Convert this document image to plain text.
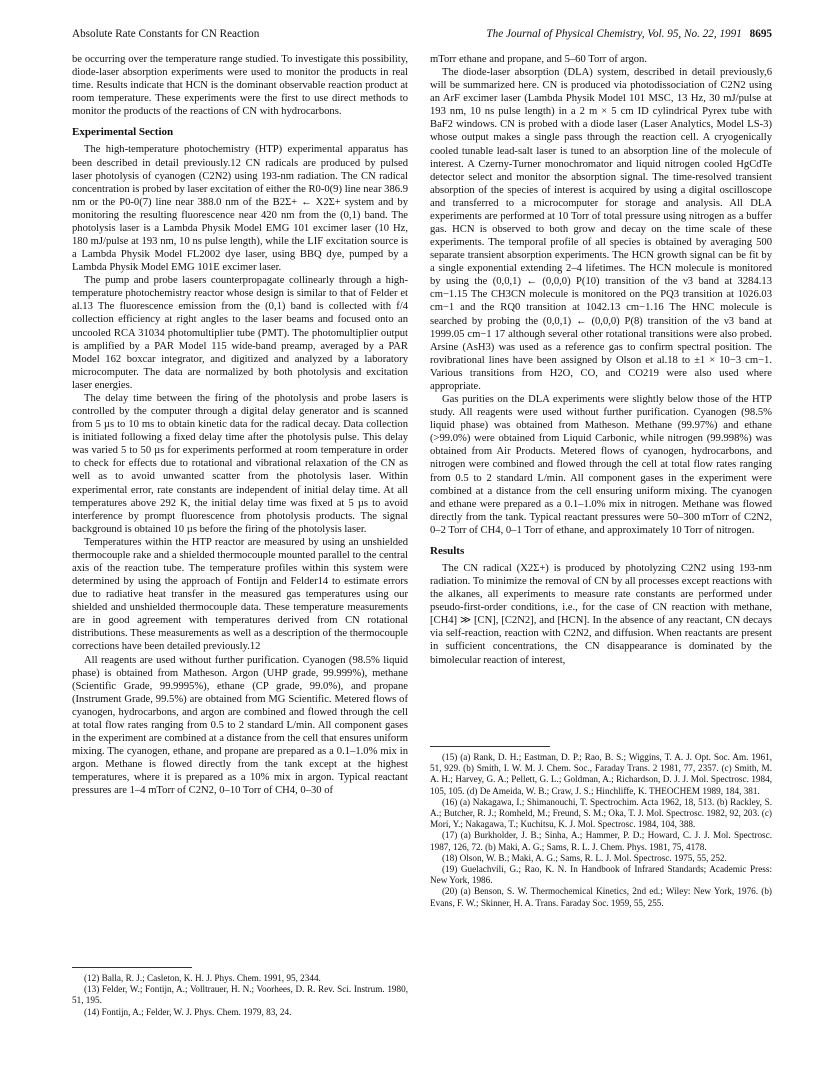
Absolute Rate Constants for CN Reaction	The Journal of Physical Chemistry, Vol. 95, No. 22, 1991 8695

be occurring over the temperature range studied. To investigate this possibility, diode-laser absorption experiments were used to monitor the products in real time. Results indicate that HCN is the dominant observable reaction product at room temperature. These experiments were the first to use direct methods to monitor the products of the reactions of CN with hydrocarbons.

Experimental Section

The high-temperature photochemistry (HTP) experimental apparatus has been described in detail previously.12 CN radicals are produced by pulsed laser photolysis of cyanogen (C2N2) using 193-nm radiation. The CN radical concentration is probed by laser excitation of either the R0-0(9) line near 386.9 nm or the P0-0(7) line near 388.0 nm of the B2Σ+ ← X2Σ+ system and by monitoring the resulting fluorescence near 420 nm from the (0,1) band. The photolysis laser is a Lambda Physik Model EMG 101 excimer laser (10 Hz, 180 mJ/pulse at 193 nm, 10 ns pulse length), while the LIF excitation source is a Lambda Physik Model FL2002 dye laser, using BBQ dye, pumped by a Lambda Physik Model EMG 101E excimer laser.

The pump and probe lasers counterpropagate collinearly through a high-temperature photochemistry reactor whose design is similar to that of Felder et al.13 The fluorescence emission from the (0,1) band is collected with f/4 collection efficiency at right angles to the laser beams and focused onto an uncooled RCA 31034 photomultiplier tube (PMT). The photomultiplier output is amplified by a PAR Model 115 wide-band preamp, averaged by a PAR Model 162 boxcar integrator, and digitized and analyzed by a laboratory microcomputer. The data are normalized by both photolysis and excitation laser energies.

The delay time between the firing of the photolysis and probe lasers is controlled by the computer through a digital delay generator and is scanned from 5 µs to 10 ms to obtain kinetic data for the radical decay. Data collection is initiated following a fixed delay time after the photolysis pulse. This delay was varied 5 to 50 µs for experiments performed at room temperature in order to check for effects due to rotational and vibrational relaxation of the CN as well as to avoid unwanted scatter from the photolysis laser. Within experimental error, rate constants are independent of initial delay time. At all temperatures above 292 K, the initial delay time was fixed at 5 µs to avoid interference by prompt fluorescence from photolysis products. The signal background is obtained 10 µs before the firing of the photolysis laser.

Temperatures within the HTP reactor are measured by using an unshielded thermocouple rake and a shielded thermocouple mounted parallel to the central axis of the reaction tube. The temperature profiles within this system were determined by using the approach of Fontijn and Felder14 to estimate errors due to radiative heat transfer in the measured gas temperatures using our shielded and unshielded thermocouple data. These temperature measurements are in good agreement with temperatures derived from CN rotational distributions. These measurements as well as a description of the thermocouple corrections have been detailed previously.12

All reagents are used without further purification. Cyanogen (98.5% liquid phase) is obtained from Matheson. Argon (UHP grade, 99.999%), methane (Scientific Grade, 99.9995%), ethane (CP grade, 99.0%), and propane (Instrument Grade, 99.5%) are obtained from MG Scientific. Metered flows of cyanogen, hydrocarbons, and argon are combined and flowed through the cell at total flow rates ranging from 0.5 to 2 standard L/min. All component gases in the experiment are combined at a distance from the cell that ensures uniform mixing. The cyanogen, ethane, and propane are prepared as a 0.1–1.0% mix in argon. Methane is flowed directly from the tank except at the highest temperatures, where it is prepared as a 10% mix in argon. Typical reactant pressures are 1–4 mTorr of C2N2, 0–10 Torr of CH4, 0–30 of

(12) Balla, R. J.; Casleton, K. H. J. Phys. Chem. 1991, 95, 2344.

(13) Felder, W.; Fontijn, A.; Volltrauer, H. N.; Voorhees, D. R. Rev. Sci. Instrum. 1980, 51, 195.

(14) Fontijn, A.; Felder, W. J. Phys. Chem. 1979, 83, 24.

mTorr ethane and propane, and 5–60 Torr of argon.

The diode-laser absorption (DLA) system, described in detail previously,6 will be summarized here. CN is produced via photodissociation of C2N2 using an ArF excimer laser (Lambda Physik Model 101 MSC, 13 Hz, 30 mJ/pulse at 193 nm, 10 ns pulse length) in a 2 m × 5 cm ID cylindrical Pyrex tube with BaF2 windows. CN is probed with a diode laser (Laser Analytics, Model LS-3) whose output makes a single pass through the reaction cell. A cryogenically cooled tunable lead-salt laser is tuned to an absorption line of the molecule of interest. A Czerny-Turner monochromator and liquid nitrogen cooled HgCdTe detector select and monitor the absorption signal. The time-resolved transient absorption of the species of interest is acquired by using a digital oscilloscope and transferred to a microcomputer for storage and analysis. All DLA experiments are performed at 10 Torr of total pressure using nitrogen as a buffer gas. HCN is observed to both grow and decay on the time scale of these experiments. The temporal profile of all species is obtained by averaging 500 separate transient absorption experiments. The HCN growth signal can be fit by a single exponential extending 2–4 lifetimes. The HCN molecule is monitored by using the (0,0,1) ← (0,0,0) P(10) transition of the ν3 band at 3284.13 cm−1.15 The CH3CN molecule is monitored on the PQ3 transition at 1026.03 cm−1 and the RQ0 transition at 1042.13 cm−1.16 The HNC molecule is searched by probing the (0,0,1) ← (0,0,0) P(8) transition of the ν3 band at 1999.05 cm−1 17 although several other rotational transitions were also probed. Arsine (AsH3) was used as a reference gas to confirm spectral position. The rovibrational lines have been assigned by Olson et al.18 to ±1 × 10−3 cm−1. Various transitions from H2O, CO, and CO219 were also used where appropriate.

Gas purities on the DLA experiments were slightly below those of the HTP study. All reagents were used without further purification. Cyanogen (98.5% liquid phase) was obtained from Matheson. Methane (99.97%) and ethane (>99.0%) were obtained from Liquid Carbonic, while nitrogen (99.998%) was obtained from Air Products. Metered flows of cyanogen, hydrocarbons, and nitrogen were combined and flowed through the cell at total flow rates ranging from 0.5 to 2 standard L/min. All component gases in the experiment were combined at a distance from the cell ensuring uniform mixing. The cyanogen and ethane were prepared as a 0.1–1.0% mix in nitrogen. Methane was flowed directly from the tank. Typical reactant pressures were 50–300 mTorr of C2N2, 0–2 Torr of CH4, 0–1 Torr of ethane, and approximately 10 Torr of nitrogen.

Results

The CN radical (X2Σ+) is produced by photolyzing C2N2 using 193-nm radiation. To minimize the removal of CN by all processes except reactions with the alkanes, all experiments to measure rate constants are performed under pseudo-first-order conditions, i.e., for the case of CN reaction with methane, [CH4] ≫ [CN], [C2N2], and [HCN]. In the absence of any reactant, CN decays via self-reaction, reaction with C2N2, and diffusion. When reactants are present in sufficient concentrations, the CN disappearance is dominated by the bimolecular reaction of interest,

(15) (a) Rank, D. H.; Eastman, D. P.; Rao, B. S.; Wiggins, T. A. J. Opt. Soc. Am. 1961, 51, 929. (b) Smith, I. W. M. J. Chem. Soc., Faraday Trans. 2 1981, 77, 2357. (c) Smith, M. A. H.; Harvey, G. A.; Pellett, G. L.; Goldman, A.; Richardson, D. J. J. Mol. Spectrosc. 1984, 105, 105. (d) De Ameida, W. B.; Craw, J. S.; Hinchliffe, K. THEOCHEM 1989, 184, 381.

(16) (a) Nakagawa, I.; Shimanouchi, T. Spectrochim. Acta 1962, 18, 513. (b) Rackley, S. A.; Butcher, R. J.; Romheld, M.; Freund, S. M.; Oka, T. J. Mol. Spectrosc. 1982, 92, 203. (c) Mori, Y.; Nakagawa, T.; Kuchitsu, K. J. Mol. Spectrosc. 1984, 104, 388.

(17) (a) Burkholder, J. B.; Sinha, A.; Hammer, P. D.; Howard, C. J. J. Mol. Spectrosc. 1987, 126, 72. (b) Maki, A. G.; Sams, R. L. J. Chem. Phys. 1981, 75, 4178.

(18) Olson, W. B.; Maki, A. G.; Sams, R. L. J. Mol. Spectrosc. 1975, 55, 252.

(19) Guelachvili, G.; Rao, K. N. In Handbook of Infrared Standards; Academic Press: New York, 1986.

(20) (a) Benson, S. W. Thermochemical Kinetics, 2nd ed.; Wiley: New York, 1976. (b) Evans, F. W.; Skinner, H. A. Trans. Faraday Soc. 1959, 55, 255.
